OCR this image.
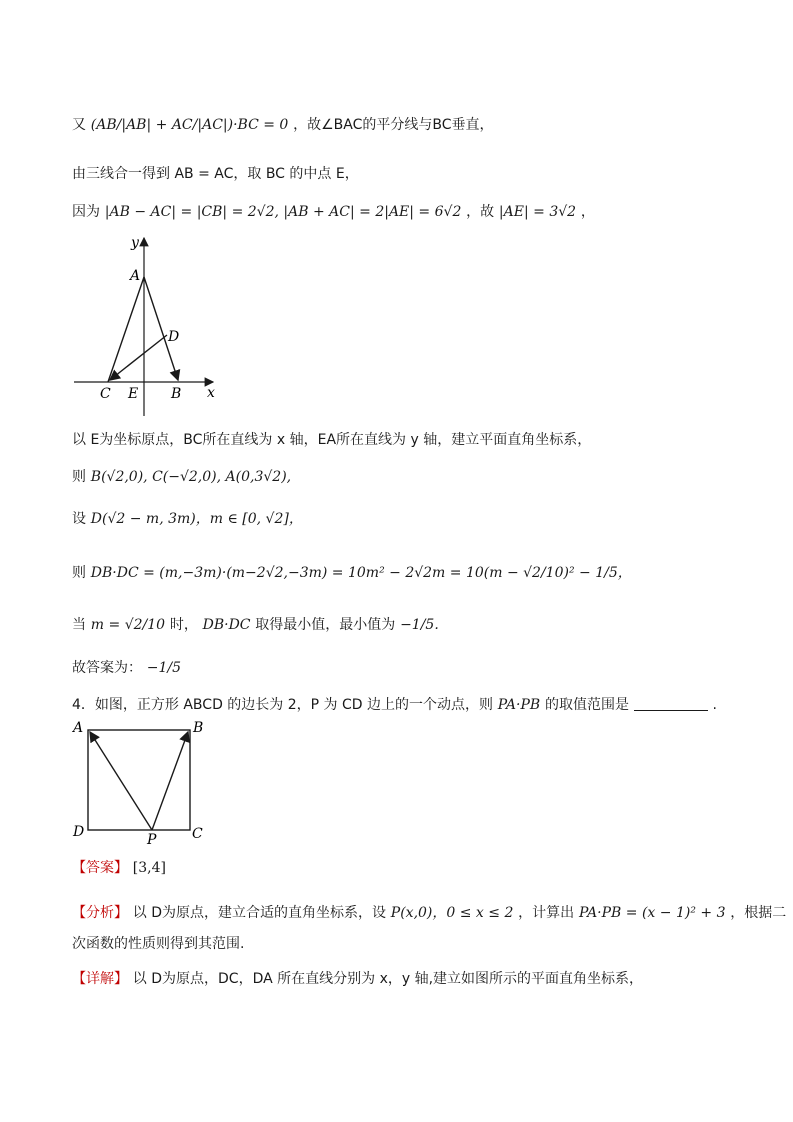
又 (AB/|AB| + AC/|AC|)·BC = 0 ，故∠BAC的平分线与BC垂直，
由三线合一得到 AB = AC，取 BC 的中点 E，
因为 |AB − AC| = |CB| = 2√2, |AB + AC| = 2|AE| = 6√2 ，故 |AE| = 3√2 ，
y
x
A
D
C E B
以 E为坐标原点，BC所在直线为 x 轴，EA所在直线为 y 轴，建立平面直角坐标系，
则 B(√2,0), C(−√2,0), A(0,3√2),
设 D(√2 − m, 3m)，m ∈ [0, √2]，
则 DB·DC = (m,−3m)·(m−2√2,−3m) = 10m² − 2√2m = 10(m − √2/10)² − 1/5，
当 m = √2/10 时， DB·DC 取得最小值，最小值为 −1/5.
故答案为： −1/5
4．如图，正方形 ABCD 的边长为 2，P 为 CD 边上的一个动点，则 PA·PB 的取值范围是	.
A	B
D	P	C
【答案】 [3,4]
【分析】 以 D为原点，建立合适的直角坐标系，设 P(x,0)，0 ≤ x ≤ 2 ，计算出 PA·PB = (x − 1)² + 3 ，根据二
次函数的性质则得到其范围.
【详解】 以 D为原点，DC，DA 所在直线分别为 x，y 轴,建立如图所示的平面直角坐标系，
